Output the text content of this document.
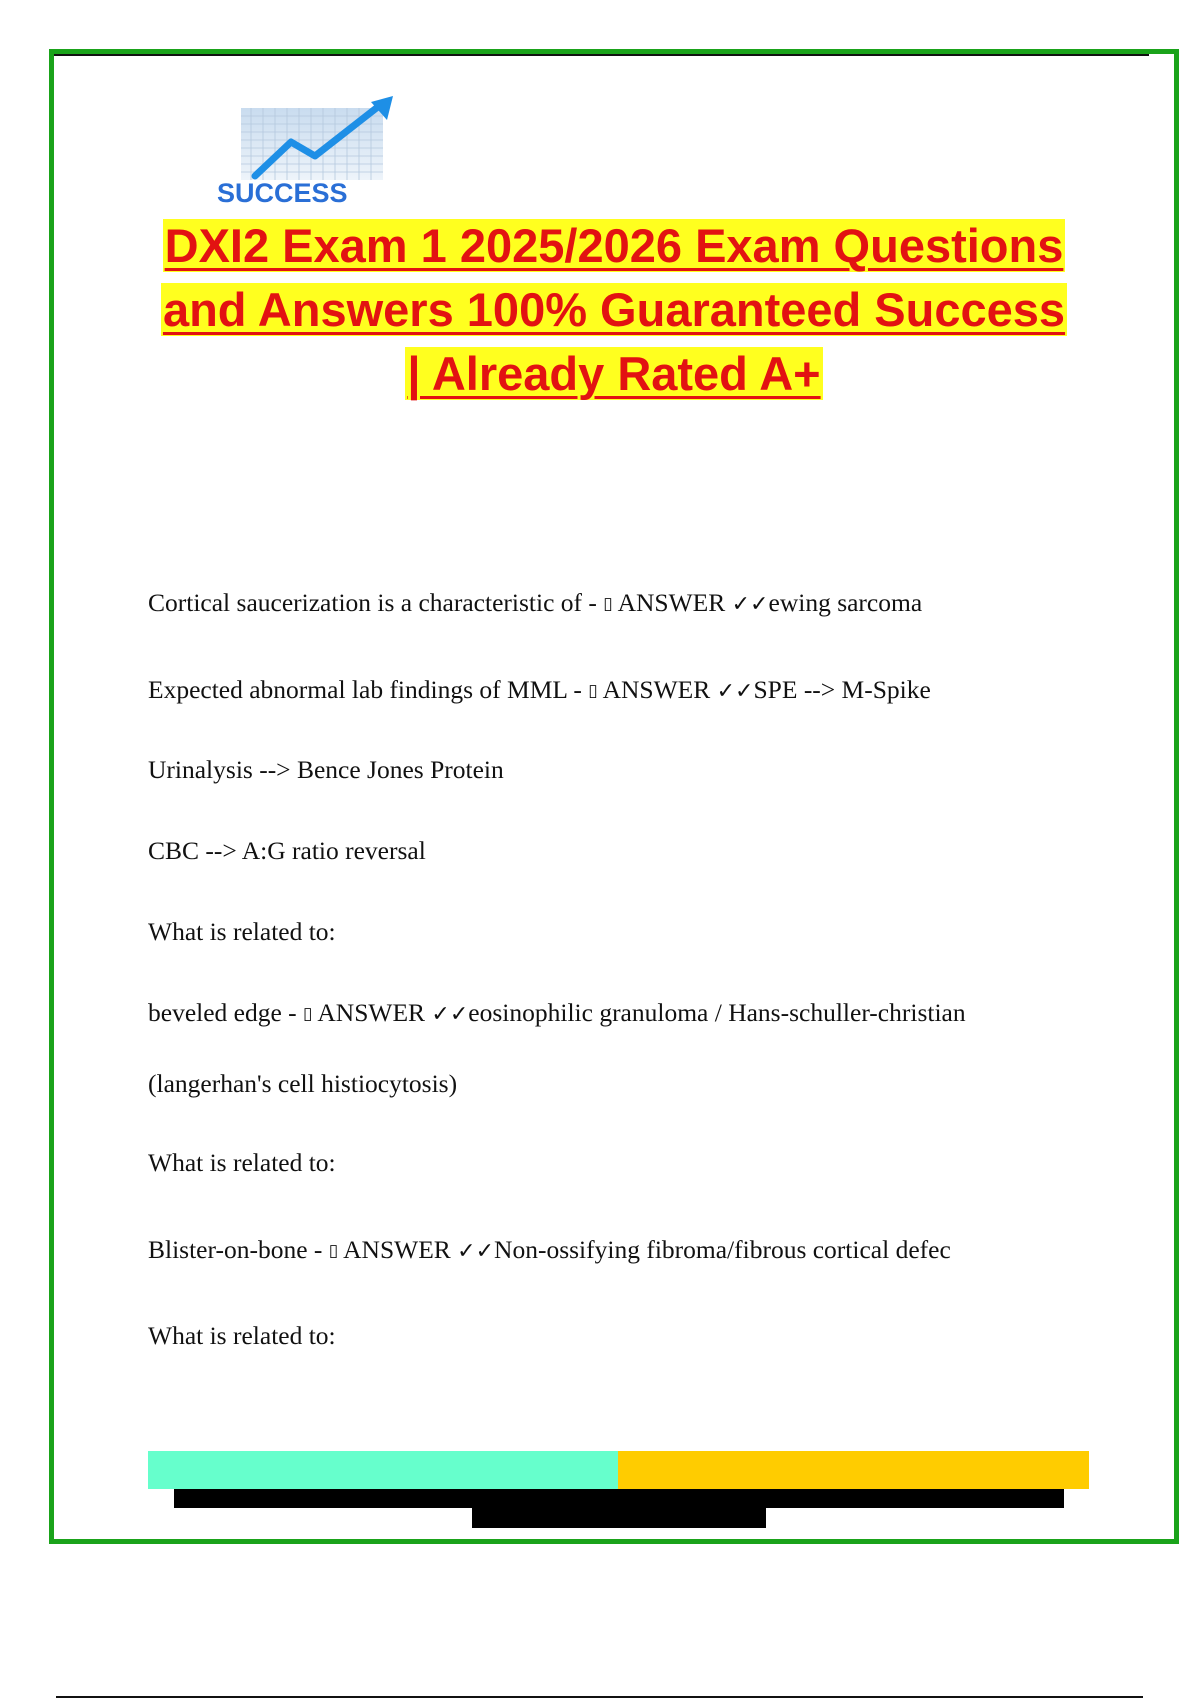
SUCCESS
DXI2 Exam 1 2025/2026 Exam Questions
and Answers 100% Guaranteed Success
| Already Rated A+

Cortical saucerization is a characteristic of - ▯ ANSWER ✓✓ewing sarcoma

Expected abnormal lab findings of MML - ▯ ANSWER ✓✓SPE --> M-Spike

Urinalysis --> Bence Jones Protein

CBC --> A:G ratio reversal

What is related to:

beveled edge - ▯ ANSWER ✓✓eosinophilic granuloma / Hans-schuller-christian

(langerhan's cell histiocytosis)

What is related to:

Blister-on-bone - ▯ ANSWER ✓✓Non-ossifying fibroma/fibrous cortical defec

What is related to:
